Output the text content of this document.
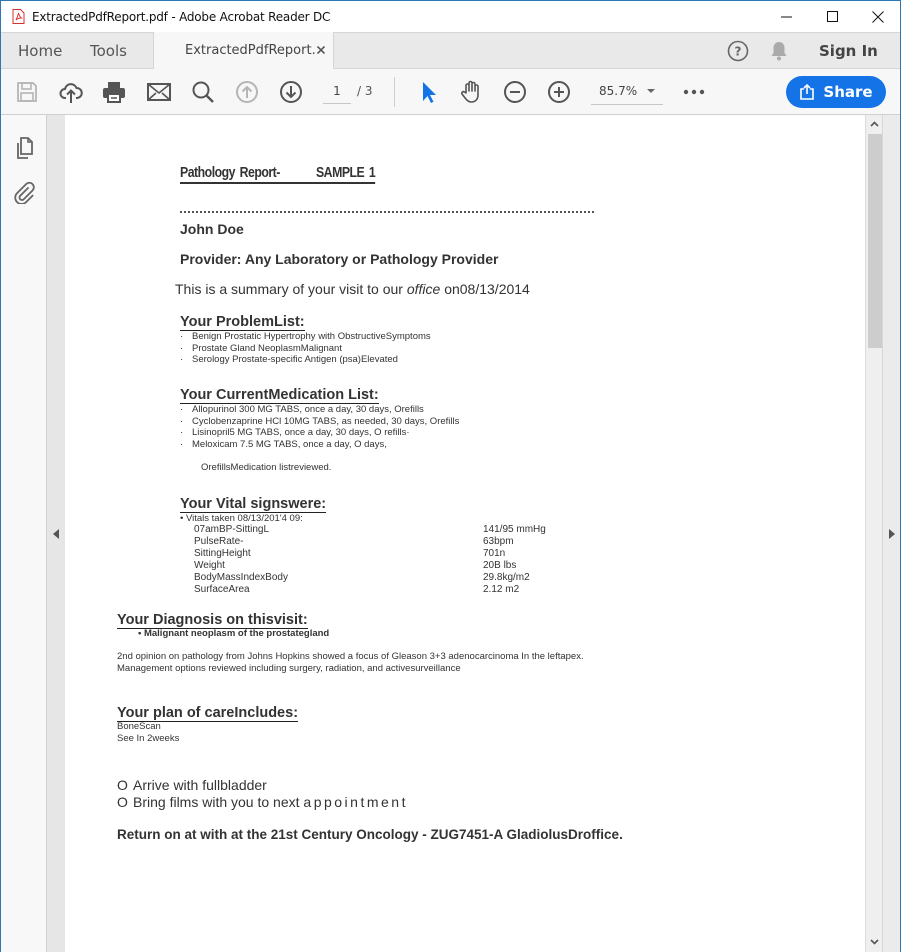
ExtractedPdfReport.pdf - Adobe Acrobat Reader DC
Home Tools	ExtractedPdfReport.	?	Sign In
1	/ 3	85.7%	Share
Pathology Report- SAMPLE 1
John Doe
Provider: Any Laboratory or Pathology Provider
This is a summary of your visit to our office on08/13/2014
Your ProblemList:
· Benign Prostatic Hypertrophy with ObstructiveSymptoms
· Prostate Gland NeoplasmMalignant
· Serology Prostate-specific Antigen (psa)Elevated
Your CurrentMedication List:
· Allopurinol 300 MG TABS, once a day, 30 days, Orefills
· Cyclobenzaprine HCl 10MG TABS, as needed, 30 days, Orefills
· Lisinopril5 MG TABS, once a day, 30 days, O refills·
· Meloxicam 7.5 MG TABS, once a day, O days,
OrefillsMedication listreviewed.
Your Vital signswere:
• Vitals taken 08/13/201'4 09:
07amBP-SittingL	141/95 mmHg
PulseRate-	63bpm
SittingHeight	701n
Weight	20B lbs
BodyMassIndexBody	29.8kg/m2
SurfaceArea	2.12 m2
Your Diagnosis on thisvisit:
• Malignant neoplasm of the prostategland
2nd opinion on pathology from Johns Hopkins showed a focus of Gleason 3+3 adenocarcinoma In the leftapex.
Management options reviewed including surgery, radiation, and activesurveillance
Your plan of careIncludes:
BoneScan
See In 2weeks
O Arrive with fullbladder
O Bring films with you to next appointment
Return on at with at the 21st Century Oncology - ZUG7451-A GladiolusDroffice.
